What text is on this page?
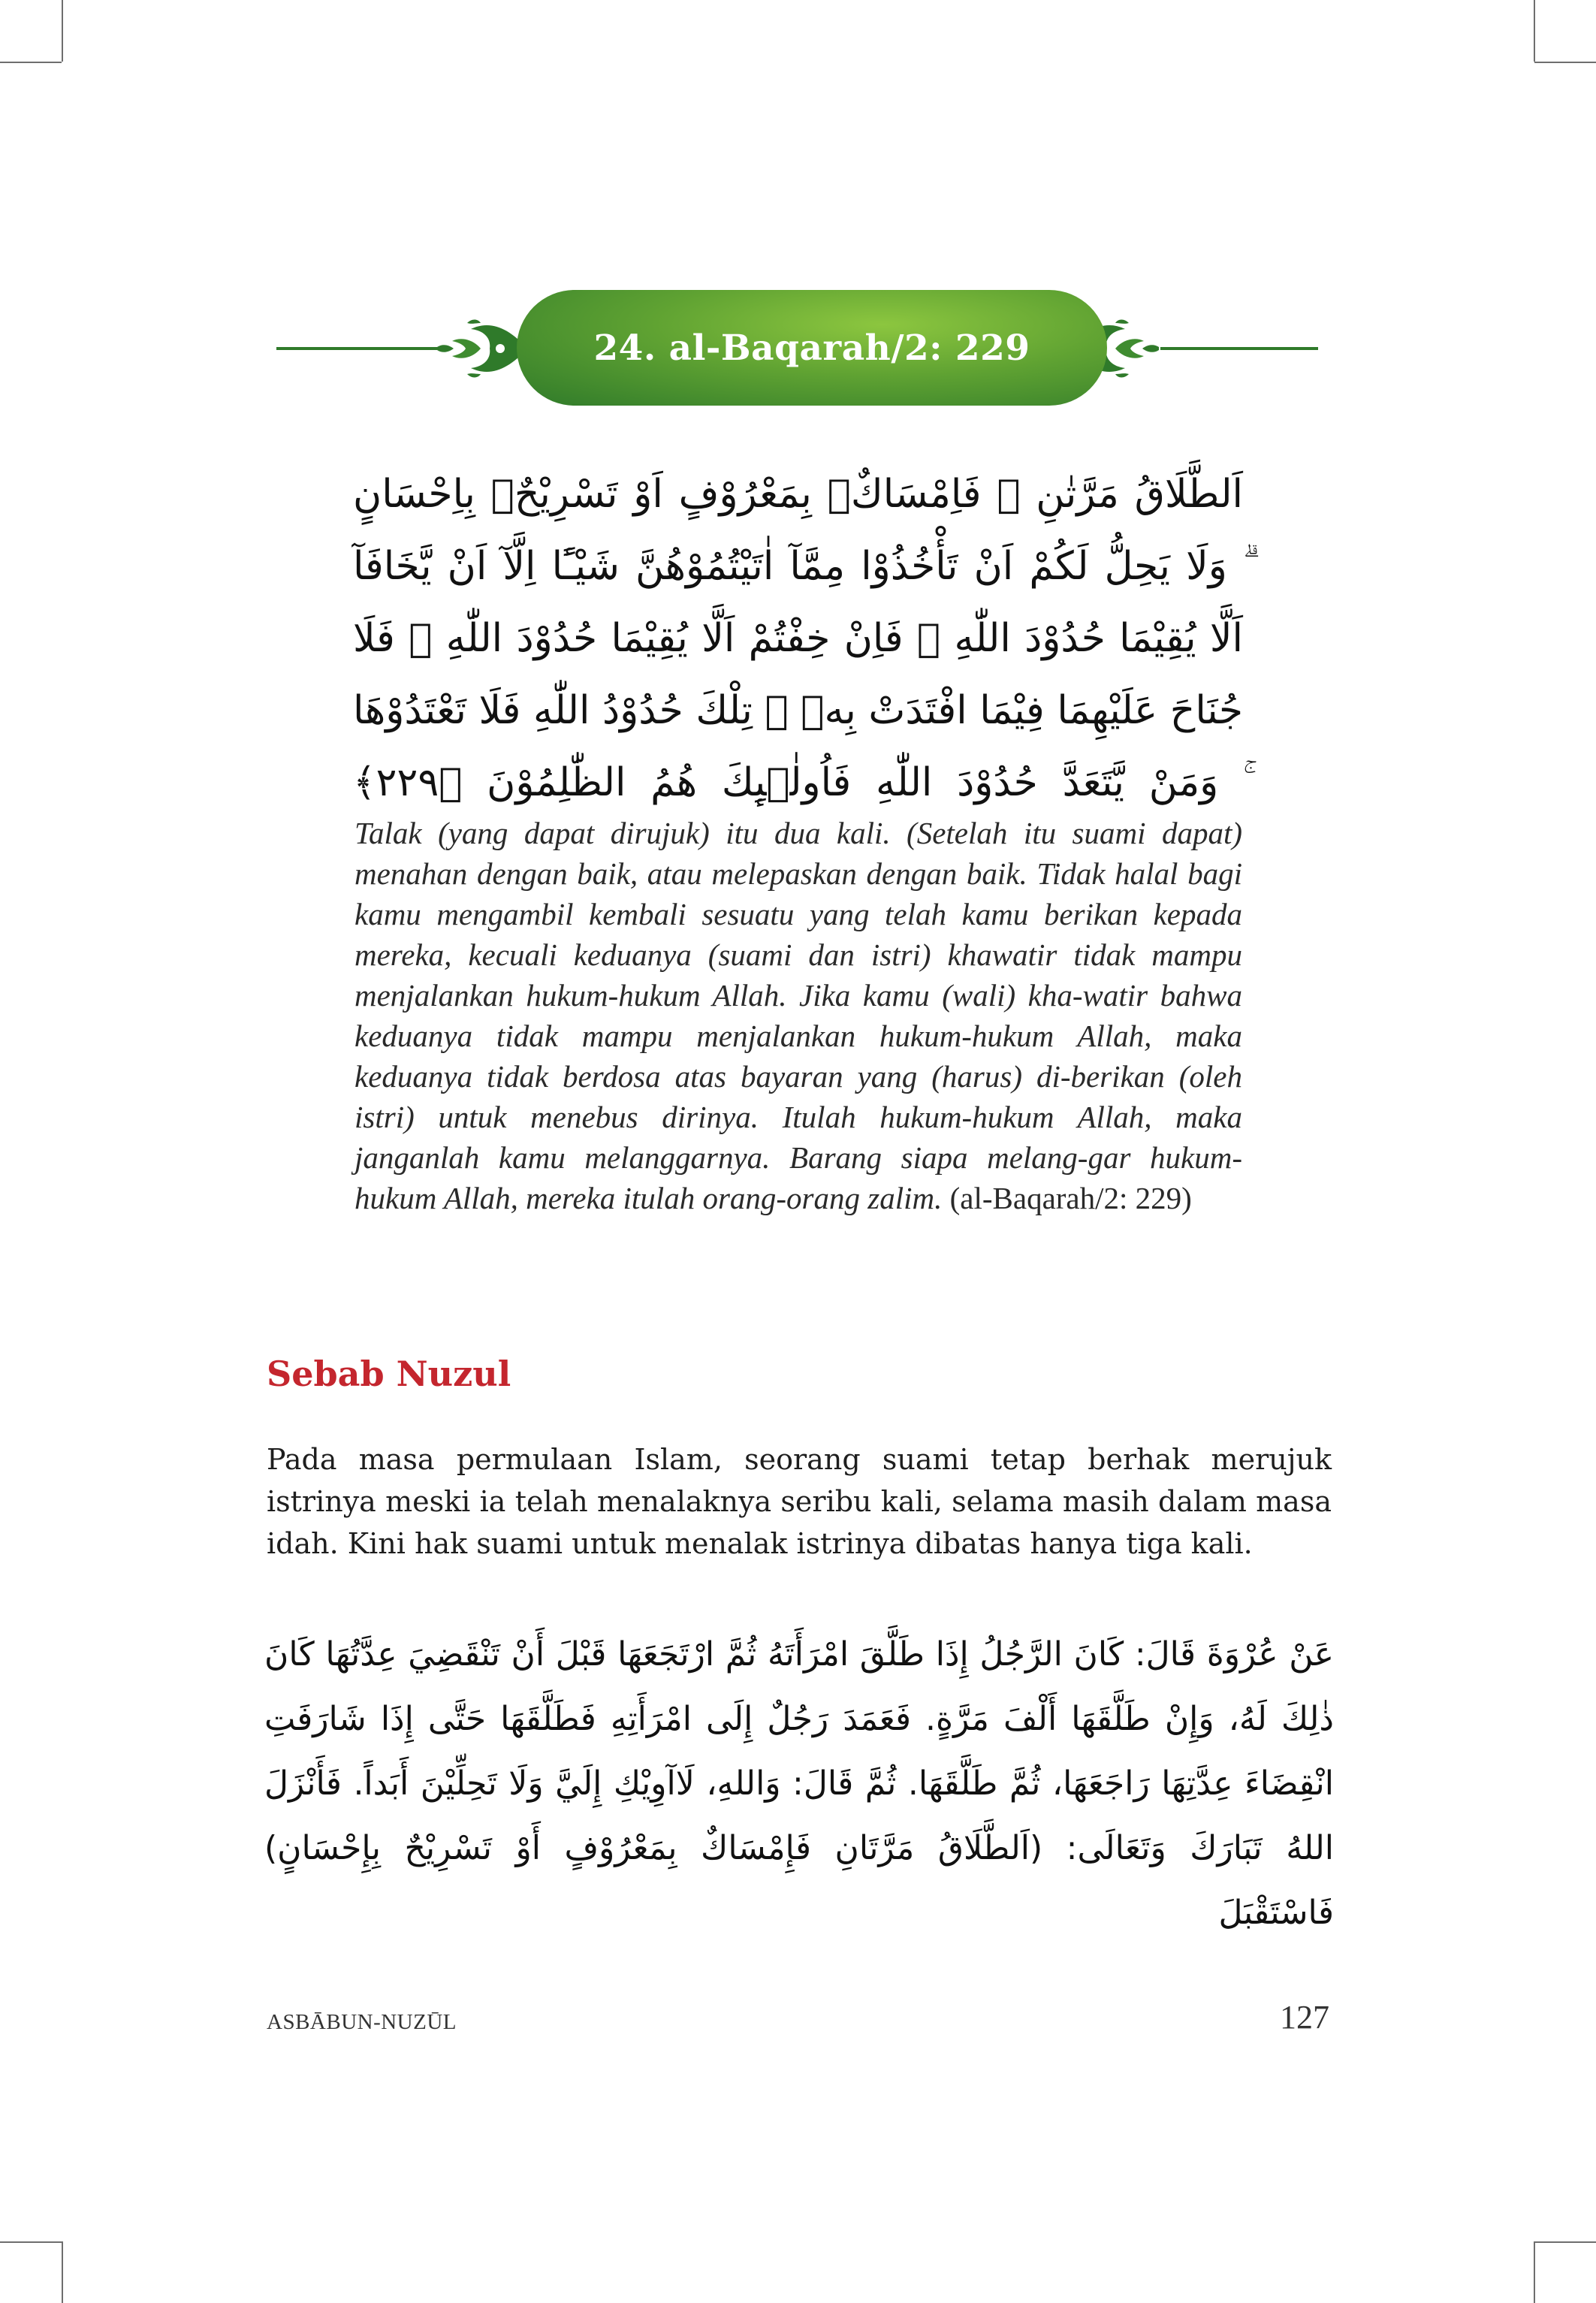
24. al-Baqarah/2: 229
اَلطَّلَاقُ مَرَّتٰنِ ۖ فَاِمْسَاكٌۢ بِمَعْرُوْفٍ اَوْ تَسْرِيْحٌۢ بِاِحْسَانٍ ۗ وَلَا يَحِلُّ لَكُمْ اَنْ تَأْخُذُوْا مِمَّآ اٰتَيْتُمُوْهُنَّ شَيْـًٔا اِلَّآ اَنْ يَّخَافَآ اَلَّا يُقِيْمَا حُدُوْدَ اللّٰهِ ۗ فَاِنْ خِفْتُمْ اَلَّا يُقِيْمَا حُدُوْدَ اللّٰهِ ۙ فَلَا جُنَاحَ عَلَيْهِمَا فِيْمَا افْتَدَتْ بِهٖ ۗ تِلْكَ حُدُوْدُ اللّٰهِ فَلَا تَعْتَدُوْهَا ۚ وَمَنْ يَّتَعَدَّ حُدُوْدَ اللّٰهِ فَاُولٰۤىِٕكَ هُمُ الظّٰلِمُوْنَ ﴿٢٢٩﴾
Talak (yang dapat dirujuk) itu dua kali. (Setelah itu suami dapat) menahan dengan baik, atau melepaskan dengan baik. Tidak halal bagi kamu mengambil kembali sesuatu yang telah kamu berikan kepada mereka, kecuali keduanya (suami dan istri) khawatir tidak mampu menjalankan hukum-hukum Allah. Jika kamu (wali) kha-watir bahwa keduanya tidak mampu menjalankan hukum-hukum Allah, maka keduanya tidak berdosa atas bayaran yang (harus) di-berikan (oleh istri) untuk menebus dirinya. Itulah hukum-hukum Allah, maka janganlah kamu melanggarnya. Barang siapa melang-gar hukum-hukum Allah, mereka itulah orang-orang zalim. (al-Baqarah/2: 229)
Sebab Nuzul
Pada masa permulaan Islam, seorang suami tetap berhak merujuk istrinya meski ia telah menalaknya seribu kali, selama masih dalam masa idah. Kini hak suami untuk menalak istrinya dibatas hanya tiga kali.
عَنْ عُرْوَةَ قَالَ: كَانَ الرَّجُلُ إِذَا طَلَّقَ امْرَأَتَهُ ثُمَّ ارْتَجَعَهَا قَبْلَ أَنْ تَنْقَضِيَ عِدَّتُهَا كَانَ ذٰلِكَ لَهُ، وَإِنْ طَلَّقَهَا أَلْفَ مَرَّةٍ. فَعَمَدَ رَجُلٌ إِلَى امْرَأَتِهِ فَطَلَّقَهَا حَتَّى إِذَا شَارَفَتِ انْقِضَاءَ عِدَّتِهَا رَاجَعَهَا، ثُمَّ طَلَّقَهَا. ثُمَّ قَالَ: وَاللهِ، لَاآوِيْكِ إِلَيَّ وَلَا تَحِلِّيْنَ أَبَداً. فَأَنْزَلَ اللهُ تَبَارَكَ وَتَعَالَى: (اَلطَّلَاقُ مَرَّتَانِ فَإِمْسَاكٌ بِمَعْرُوْفٍ أَوْ تَسْرِيْحٌ بِإِحْسَانٍ) فَاسْتَقْبَلَ
ASBĀBUN-NUZŪL	127
